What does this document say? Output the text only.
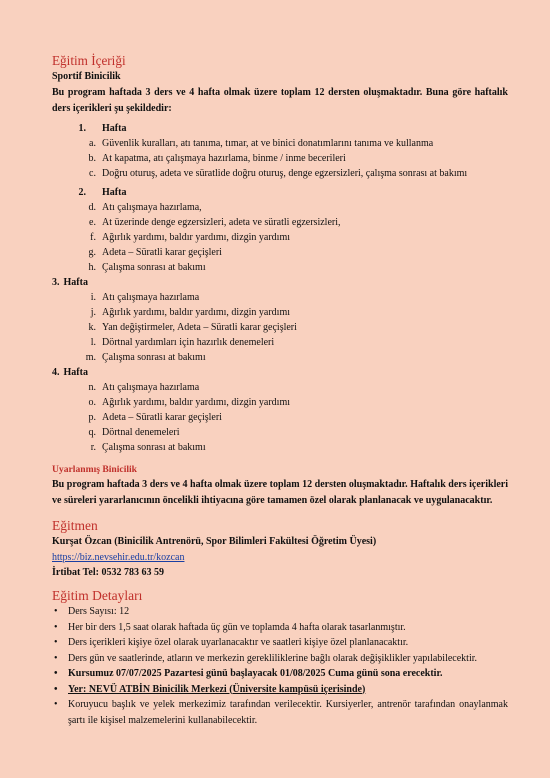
Eğitim İçeriği
Sportif Binicilik
Bu program haftada 3 ders ve 4 hafta olmak üzere toplam 12 dersten oluşmaktadır. Buna göre haftalık ders içerikleri şu şekildedir:
1. Hafta
a. Güvenlik kuralları, atı tanıma, tımar, at ve binici donatımlarını tanıma ve kullanma
b. At kapatma, atı çalışmaya hazırlama, binme / inme becerileri
c. Doğru oturuş, adeta ve süratlide doğru oturuş, denge egzersizleri, çalışma sonrası at bakımı
2. Hafta
d. Atı çalışmaya hazırlama,
e. At üzerinde denge egzersizleri, adeta ve süratli egzersizleri,
f. Ağırlık yardımı, baldır yardımı, dizgin yardımı
g. Adeta – Süratli karar geçişleri
h. Çalışma sonrası at bakımı
3. Hafta
i. Atı çalışmaya hazırlama
j. Ağırlık yardımı, baldır yardımı, dizgin yardımı
k. Yan değiştirmeler, Adeta – Süratli karar geçişleri
l. Dörtnal yardımları için hazırlık denemeleri
m. Çalışma sonrası at bakımı
4. Hafta
n. Atı çalışmaya hazırlama
o. Ağırlık yardımı, baldır yardımı, dizgin yardımı
p. Adeta – Süratli karar geçişleri
q. Dörtnal denemeleri
r. Çalışma sonrası at bakımı
Uyarlanmış Binicilik
Bu program haftada 3 ders ve 4 hafta olmak üzere toplam 12 dersten oluşmaktadır. Haftalık ders içerikleri ve süreleri yararlanıcının öncelikli ihtiyacına göre tamamen özel olarak planlanacak ve uygulanacaktır.
Eğitmen
Kurşat Özcan (Binicilik Antrenörü, Spor Bilimleri Fakültesi Öğretim Üyesi)
https://biz.nevsehir.edu.tr/kozcan
İrtibat Tel: 0532 783 63 59
Eğitim Detayları
•	Ders Sayısı: 12
•	Her bir ders 1,5 saat olarak haftada üç gün ve toplamda 4 hafta olarak tasarlanmıştır.
•	Ders içerikleri kişiye özel olarak uyarlanacaktır ve saatleri kişiye özel planlanacaktır.
•	Ders gün ve saatlerinde, atların ve merkezin gerekliliklerine bağlı olarak değişiklikler yapılabilecektir.
•	Kursumuz 07/07/2025 Pazartesi günü başlayacak 01/08/2025 Cuma günü sona erecektir.
•	Yer: NEVÜ ATBİN Binicilik Merkezi (Üniversite kampüsü içerisinde)
•	Koruyucu başlık ve yelek merkezimiz tarafından verilecektir. Kursiyerler, antrenör tarafından onaylanmak şartı ile kişisel malzemelerini kullanabilecektir.
